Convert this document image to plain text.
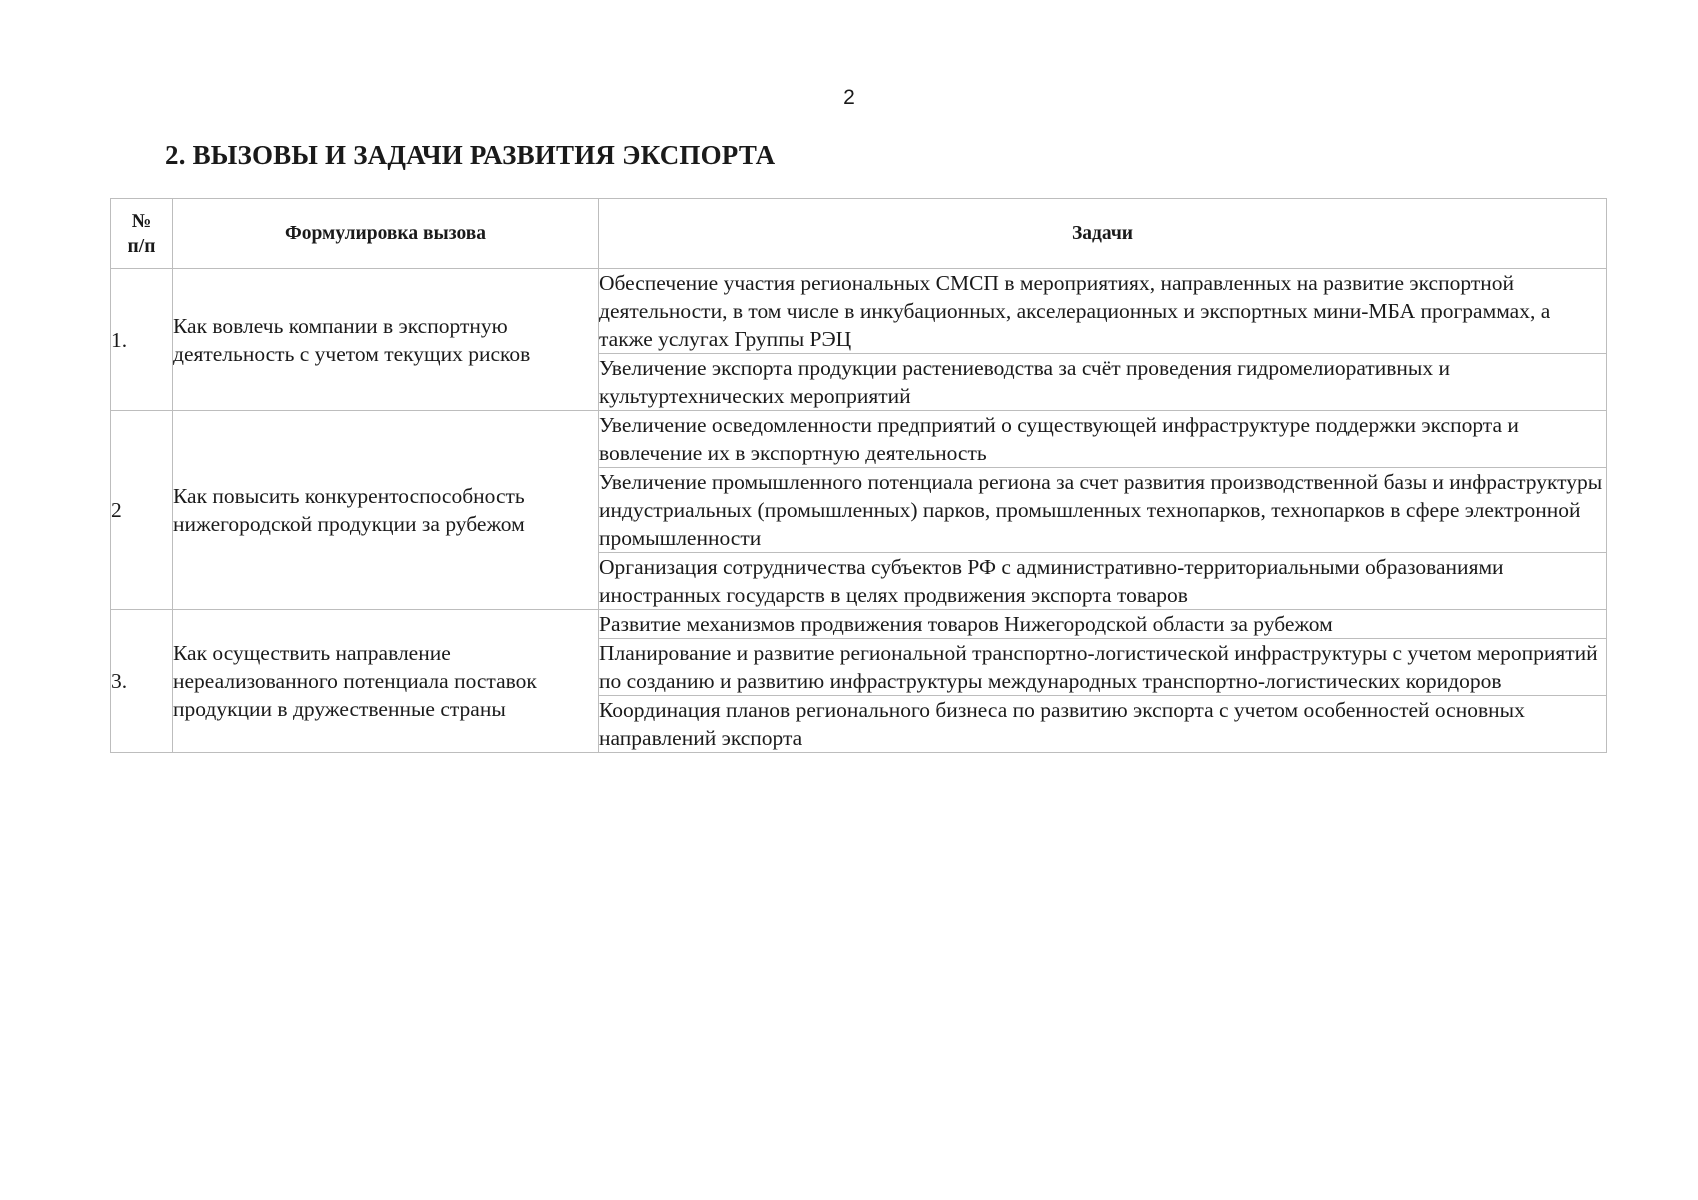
2
2. ВЫЗОВЫ И ЗАДАЧИ РАЗВИТИЯ ЭКСПОРТА
№
п/п	Формулировка вызова	Задачи
1.	Как вовлечь компании в экспортную деятельность с учетом текущих рисков	Обеспечение участия региональных СМСП в мероприятиях, направленных на развитие экспортной деятельности, в том числе в инкубационных, акселерационных и экспортных мини-МБА программах, а также услугах Группы РЭЦ
		Увеличение экспорта продукции растениеводства за счёт проведения гидромелиоративных и культуртехнических мероприятий
2	Как повысить конкурентоспособность нижегородской продукции за рубежом	Увеличение осведомленности предприятий о существующей инфраструктуре поддержки экспорта и вовлечение их в экспортную деятельность
		Увеличение промышленного потенциала региона за счет развития производственной базы и инфраструктуры индустриальных (промышленных) парков, промышленных технопарков, технопарков в сфере электронной промышленности
		Организация сотрудничества субъектов РФ с административно-территориальными образованиями иностранных государств в целях продвижения экспорта товаров
3.	Как осуществить направление нереализованного потенциала поставок продукции в дружественные страны	Развитие механизмов продвижения товаров Нижегородской области за рубежом
		Планирование и развитие региональной транспортно-логистической инфраструктуры с учетом мероприятий по созданию и развитию инфраструктуры международных транспортно-логистических коридоров
		Координация планов регионального бизнеса по развитию экспорта с учетом особенностей основных направлений экспорта
